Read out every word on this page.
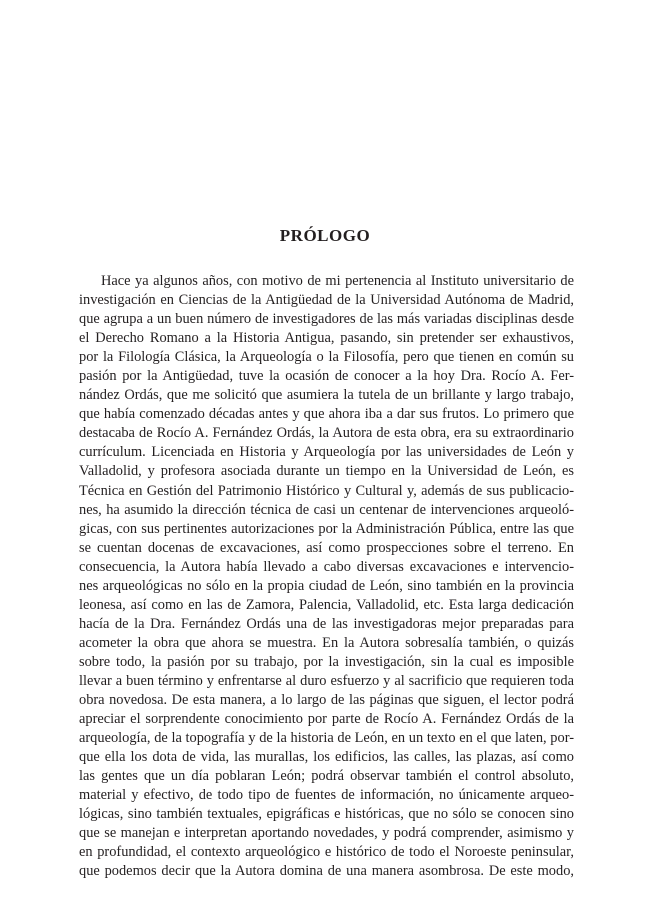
PRÓLOGO
Hace ya algunos años, con motivo de mi pertenencia al Instituto universitario de
investigación en Ciencias de la Antigüedad de la Universidad Autónoma de Madrid,
que agrupa a un buen número de investigadores de las más variadas disciplinas desde
el Derecho Romano a la Historia Antigua, pasando, sin pretender ser exhaustivos,
por la Filología Clásica, la Arqueología o la Filosofía, pero que tienen en común su
pasión por la Antigüedad, tuve la ocasión de conocer a la hoy Dra. Rocío A. Fer-
nández Ordás, que me solicitó que asumiera la tutela de un brillante y largo trabajo,
que había comenzado décadas antes y que ahora iba a dar sus frutos. Lo primero que
destacaba de Rocío A. Fernández Ordás, la Autora de esta obra, era su extraordinario
currículum. Licenciada en Historia y Arqueología por las universidades de León y
Valladolid, y profesora asociada durante un tiempo en la Universidad de León, es
Técnica en Gestión del Patrimonio Histórico y Cultural y, además de sus publicacio-
nes, ha asumido la dirección técnica de casi un centenar de intervenciones arqueoló-
gicas, con sus pertinentes autorizaciones por la Administración Pública, entre las que
se cuentan docenas de excavaciones, así como prospecciones sobre el terreno. En
consecuencia, la Autora había llevado a cabo diversas excavaciones e intervencio-
nes arqueológicas no sólo en la propia ciudad de León, sino también en la provincia
leonesa, así como en las de Zamora, Palencia, Valladolid, etc. Esta larga dedicación
hacía de la Dra. Fernández Ordás una de las investigadoras mejor preparadas para
acometer la obra que ahora se muestra. En la Autora sobresalía también, o quizás
sobre todo, la pasión por su trabajo, por la investigación, sin la cual es imposible
llevar a buen término y enfrentarse al duro esfuerzo y al sacrificio que requieren toda
obra novedosa. De esta manera, a lo largo de las páginas que siguen, el lector podrá
apreciar el sorprendente conocimiento por parte de Rocío A. Fernández Ordás de la
arqueología, de la topografía y de la historia de León, en un texto en el que laten, por-
que ella los dota de vida, las murallas, los edificios, las calles, las plazas, así como
las gentes que un día poblaran León; podrá observar también el control absoluto,
material y efectivo, de todo tipo de fuentes de información, no únicamente arqueo-
lógicas, sino también textuales, epigráficas e históricas, que no sólo se conocen sino
que se manejan e interpretan aportando novedades, y podrá comprender, asimismo y
en profundidad, el contexto arqueológico e histórico de todo el Noroeste peninsular,
que podemos decir que la Autora domina de una manera asombrosa. De este modo,
